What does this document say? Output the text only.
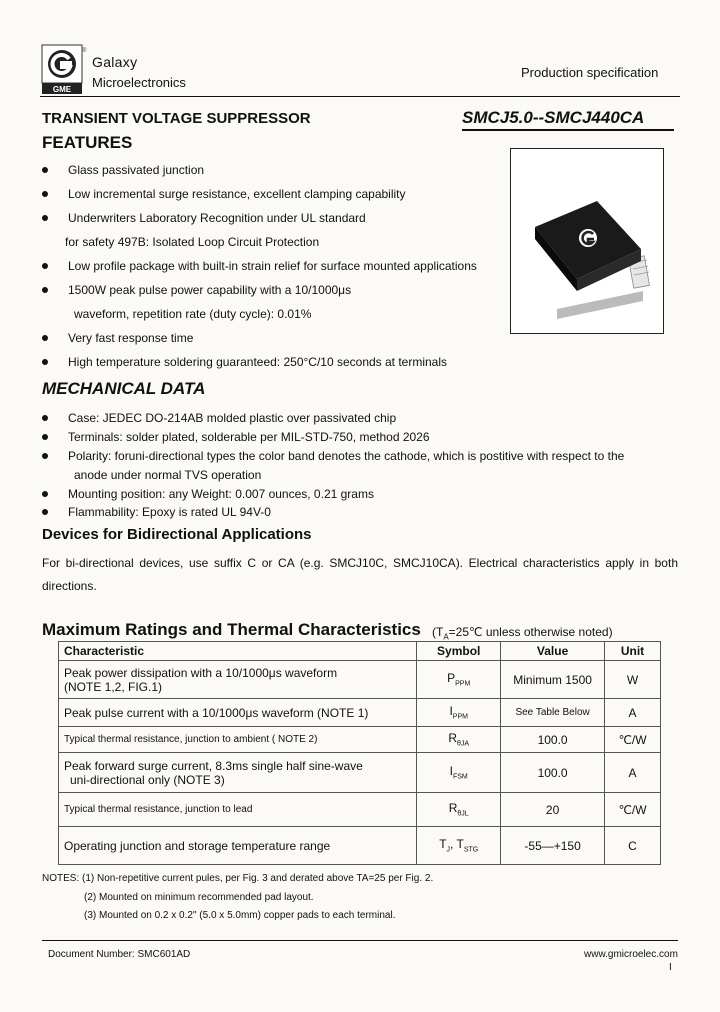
GME
®
Galaxy
Microelectronics
Production specification
TRANSIENT VOLTAGE SUPPRESSOR	SMCJ5.0--SMCJ440CA
FEATURES
Glass passivated junction
Low incremental surge resistance, excellent clamping capability
Underwriters Laboratory Recognition under UL standard
for safety 497B: Isolated Loop Circuit Protection
Low profile package with built-in strain relief for surface mounted applications
1500W peak pulse power capability with a 10/1000μs
waveform, repetition rate (duty cycle): 0.01%
Very fast response time
High temperature soldering guaranteed: 250°C/10 seconds at terminals
MECHANICAL DATA
Case: JEDEC DO-214AB molded plastic over passivated chip
Terminals: solder plated, solderable per MIL-STD-750, method 2026
Polarity: foruni-directional types the color band denotes the cathode, which is postitive with respect to the
anode under normal TVS operation
Mounting position: any Weight: 0.007 ounces, 0.21 grams
Flammability: Epoxy is rated UL 94V-0
Devices for Bidirectional Applications
For bi-directional devices, use suffix C or CA (e.g. SMCJ10C, SMCJ10CA). Electrical characteristics apply in both directions.
Maximum Ratings and Thermal Characteristics ($T_A=25℃$ unless otherwise noted)
Characteristic	Symbol	Value	Unit

Peak power dissipation with a 10/1000μs waveform
(NOTE 1,2, FIG.1)	$P_{PPM}$	Minimum 1500	W
Peak pulse current with a 10/1000μs waveform (NOTE 1)	$I_{PPM}$	See Table Below	A
Typical thermal resistance, junction to ambient ( NOTE 2)	$R_{\theta JA}$	100.0	℃/W

Peak forward surge current, 8.3ms single half sine-wave
uni-directional only (NOTE 3)	$I_{FSM}$	100.0	A
Typical thermal resistance, junction to lead	$R_{\theta JL}$	20	℃/W
Operating junction and storage temperature range	$T_J$, $T_{STG}$	-55—+150	C
NOTES: (1) Non-repetitive current pules, per Fig. 3 and derated above TA=25 per Fig. 2.
(2) Mounted on minimum recommended pad layout.
(3) Mounted on 0.2 x 0.2" (5.0 x 5.0mm) copper pads to each terminal.
Document Number: SMC601AD	www.gmicroelec.com
I
